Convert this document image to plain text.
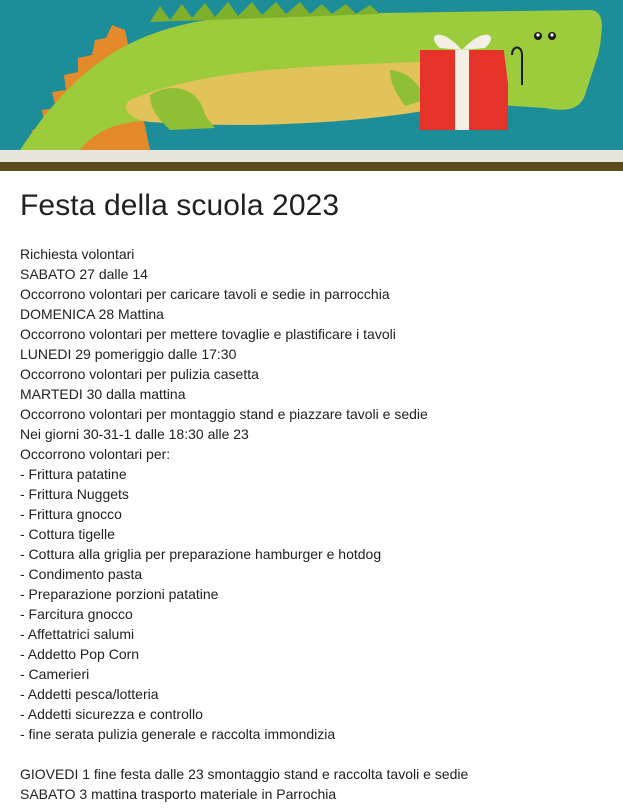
Festa della scuola 2023
Richiesta volontari
SABATO 27 dalle 14
Occorrono volontari per caricare tavoli e sedie in parrocchia
DOMENICA 28 Mattina
Occorrono volontari per mettere tovaglie e plastificare i tavoli
LUNEDI 29 pomeriggio dalle 17:30
Occorrono volontari per pulizia casetta
MARTEDI 30 dalla mattina
Occorrono volontari per montaggio stand e piazzare tavoli e sedie
Nei giorni 30-31-1 dalle 18:30 alle 23
Occorrono volontari per:
- Frittura patatine
- Frittura Nuggets
- Frittura gnocco
- Cottura tigelle
- Cottura alla griglia per preparazione hamburger e hotdog
- Condimento pasta
- Preparazione porzioni patatine
- Farcitura gnocco
- Affettatrici salumi
- Addetto Pop Corn
- Camerieri
- Addetti pesca/lotteria
- Addetti sicurezza e controllo
- fine serata pulizia generale e raccolta immondizia
GIOVEDI 1 fine festa dalle 23 smontaggio stand e raccolta tavoli e sedie
SABATO 3 mattina trasporto materiale in Parrochia
